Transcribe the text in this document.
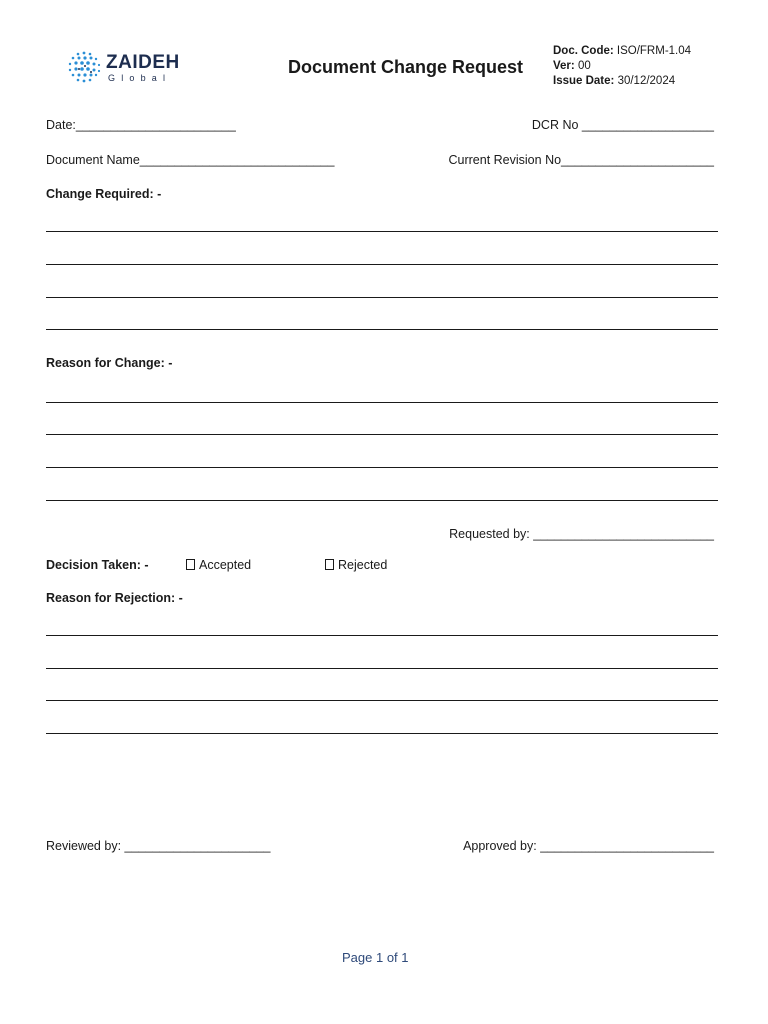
ZAIDEH
Global
Document Change Request
Doc. Code: ISO/FRM-1.04
Ver: 00
Issue Date: 30/12/2024
Date:_______________________	DCR No ___________________
Document Name____________________________	Current Revision No______________________
Change Required: -
Reason for Change: -
Requested by: __________________________
Decision Taken: -	Accepted	Rejected
Reason for Rejection: -
Reviewed by: _____________________	Approved by: _________________________
Page 1 of 1
